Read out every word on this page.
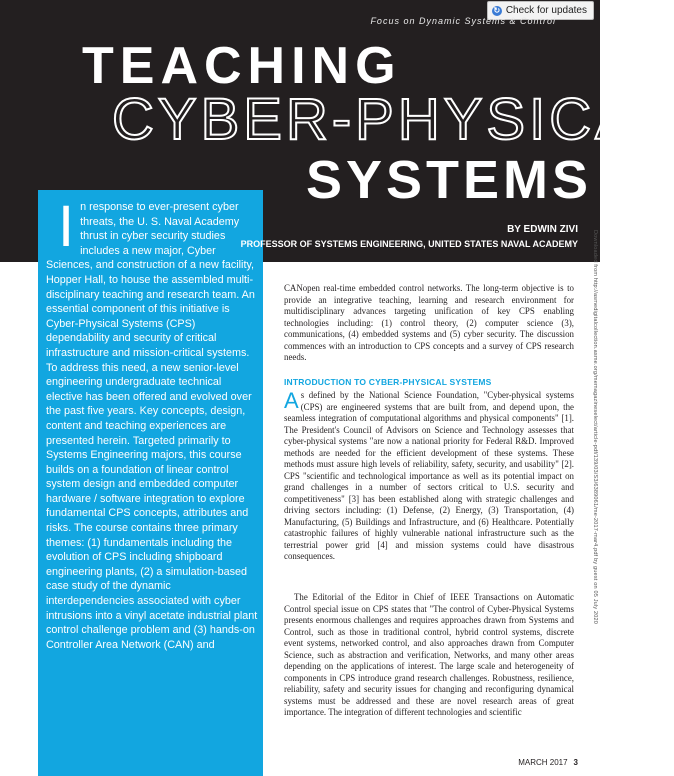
↻ Check for updates
Focus on Dynamic Systems & Control
TEACHING
CYBER-PHYSICAL
SYSTEMS
BY EDWIN ZIVI
PROFESSOR OF SYSTEMS ENGINEERING, UNITED STATES NAVAL ACADEMY	Downloaded from http://asmedigitalcollection.asme.org/memagazineselect/article-pdf/139/03/S3/6389061/me-2017-mar4.pdf by guest on 05 July 2020
I n response to ever-present cyber threats, the U. S. Naval Academy thrust in cyber security studies includes a new major, Cyber Sciences, and construction of a new facility, Hopper Hall, to house the assembled multi-disciplinary teaching and research team. An essential component of this initiative is Cyber-Physical Systems (CPS) dependability and security of critical infrastructure and mission-critical systems. To address this need, a new senior-level engineering undergraduate technical elective has been offered and evolved over the past five years. Key concepts, design, content and teaching experiences are presented herein. Targeted primarily to Systems Engineering majors, this course builds on a foundation of linear control system design and embedded computer hardware / software integration to explore fundamental CPS concepts, attributes and risks. The course contains three primary themes: (1) fundamentals including the evolution of CPS including shipboard engineering plants, (2) a simulation-based case study of the dynamic interdependencies associated with cyber intrusions into a vinyl acetate industrial plant control challenge problem and (3) hands-on Controller Area Network (CAN) and
CANopen real-time embedded control networks. The long-term objective is to provide an integrative teaching, learning and research environment for multidisciplinary advances targeting unification of key CPS enabling technologies including: (1) control theory, (2) computer science (3), communications, (4) embedded systems and (5) cyber security. The discussion commences with an introduction to CPS concepts and a survey of CPS research needs.
INTRODUCTION TO CYBER-PHYSICAL SYSTEMS
A s defined by the National Science Foundation, "Cyber-physical systems (CPS) are engineered systems that are built from, and depend upon, the seamless integration of computational algorithms and physical components" [1]. The President's Council of Advisors on Science and Technology assesses that cyber-physical systems "are now a national priority for Federal R&D. Improved methods are needed for the efficient development of these systems. These methods must assure high levels of reliability, safety, security, and usability" [2]. CPS "scientific and technological importance as well as its potential impact on grand challenges in a number of sectors critical to U.S. security and competitiveness" [3] has been established along with strategic challenges and driving sectors including: (1) Defense, (2) Energy, (3) Transportation, (4) Manufacturing, (5) Buildings and Infrastructure, and (6) Healthcare. Potentially catastrophic failures of highly vulnerable national infrastructure such as the terrestrial power grid [4] and mission systems could have disastrous consequences.
The Editorial of the Editor in Chief of IEEE Transactions on Automatic Control special issue on CPS states that "The control of Cyber-Physical Systems presents enormous challenges and requires approaches drawn from Systems and Control, such as those in traditional control, hybrid control systems, discrete event systems, networked control, and also approaches drawn from Computer Science, such as abstraction and verification, Networks, and many other areas depending on the applications of interest. The large scale and heterogeneity of components in CPS introduce grand research challenges. Robustness, resilience, reliability, safety and security issues for changing and reconfiguring dynamical systems must be addressed and these are novel research areas of great importance. The integration of different technologies and scientific
MARCH 2017 3
